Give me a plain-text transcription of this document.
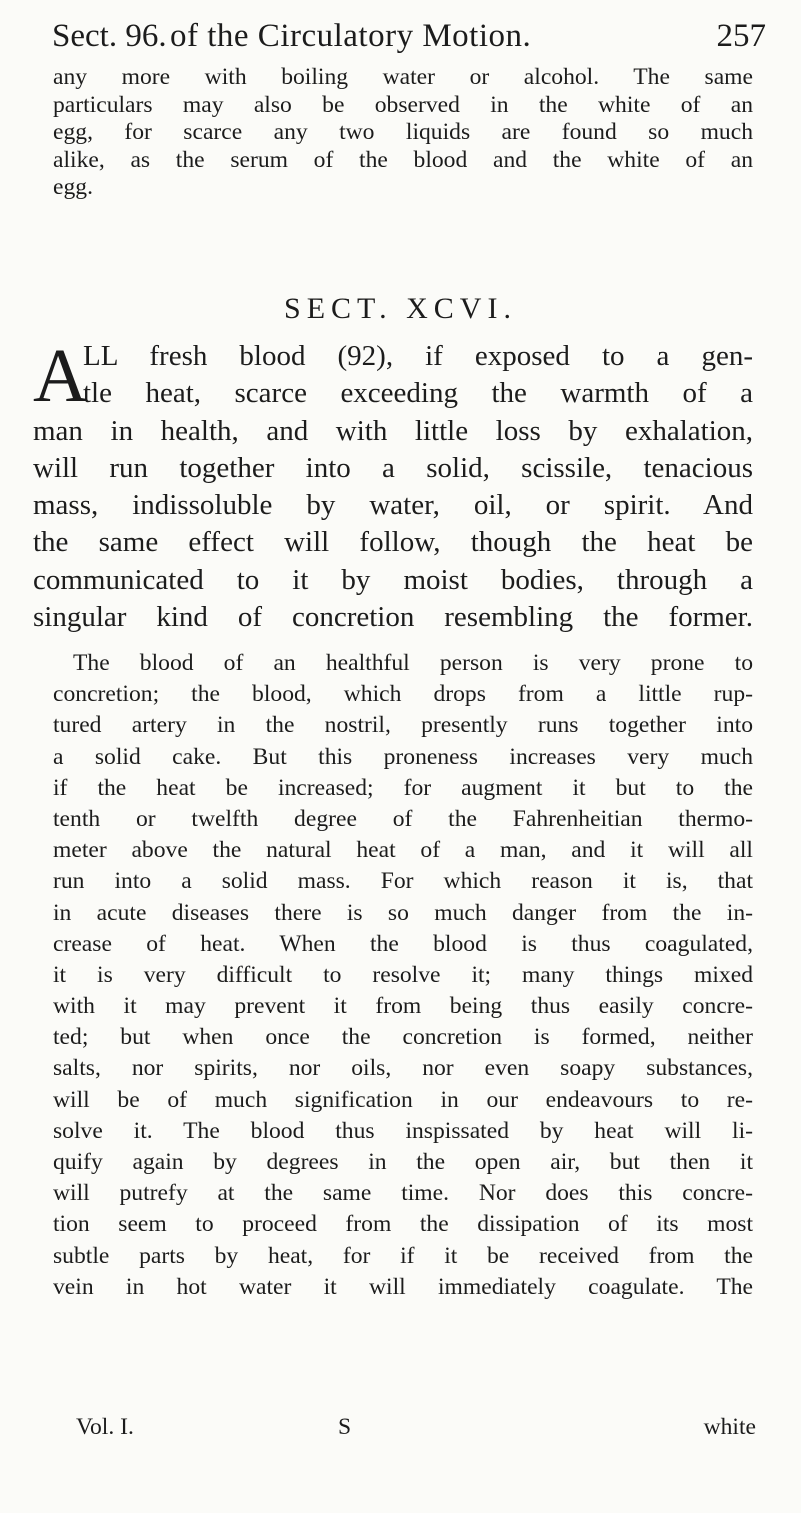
Sect. 96. of the Circulatory Motion.	257
any more with boiling water or alcohol. The same
particulars may also be observed in the white of an
egg, for scarce any two liquids are found so much
alike, as the serum of the blood and the white of an
egg.
SECT. XCVI.
A
LL fresh blood (92), if exposed to a gen-
tle heat, scarce exceeding the warmth of a
man in health, and with little loss by exhalation,
will run together into a solid, scissile, tenacious
mass, indissoluble by water, oil, or spirit. And
the same effect will follow, though the heat be
communicated to it by moist bodies, through a
singular kind of concretion resembling the former.
The blood of an healthful person is very prone to
concretion; the blood, which drops from a little rup-
tured artery in the nostril, presently runs together into
a solid cake. But this proneness increases very much
if the heat be increased; for augment it but to the
tenth or twelfth degree of the Fahrenheitian thermo-
meter above the natural heat of a man, and it will all
run into a solid mass. For which reason it is, that
in acute diseases there is so much danger from the in-
crease of heat. When the blood is thus coagulated,
it is very difficult to resolve it; many things mixed
with it may prevent it from being thus easily concre-
ted; but when once the concretion is formed, neither
salts, nor spirits, nor oils, nor even soapy substances,
will be of much signification in our endeavours to re-
solve it. The blood thus inspissated by heat will li-
quify again by degrees in the open air, but then it
will putrefy at the same time. Nor does this concre-
tion seem to proceed from the dissipation of its most
subtle parts by heat, for if it be received from the
vein in hot water it will immediately coagulate. The
Vol. I.	S	white
